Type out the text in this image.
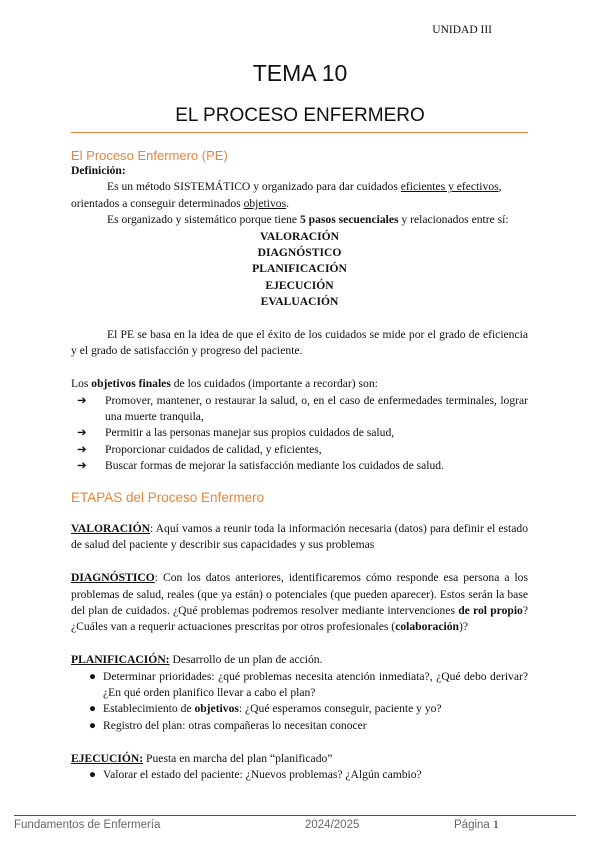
UNIDAD III
TEMA 10
EL PROCESO ENFERMERO
El Proceso Enfermero (PE)

Definición:

Es un método SISTEMÁTICO y organizado para dar cuidados eficientes y efectivos, orientados a conseguir determinados objetivos.

Es organizado y sistemático porque tiene 5 pasos secuenciales y relacionados entre sí:

VALORACIÓN

DIAGNÓSTICO

PLANIFICACIÓN

EJECUCIÓN

EVALUACIÓN

El PE se basa en la idea de que el éxito de los cuidados se mide por el grado de eficiencia y el grado de satisfacción y progreso del paciente.

Los objetivos finales de los cuidados (importante a recordar) son:

➔ Promover, mantener, o restaurar la salud, o, en el caso de enfermedades terminales, lograr una muerte tranquila,
➔ Permitir a las personas manejar sus propios cuidados de salud,
➔ Proporcionar cuidados de calidad, y eficientes,
➔ Buscar formas de mejorar la satisfacción mediante los cuidados de salud.
ETAPAS del Proceso Enfermero

VALORACIÓN: Aquí vamos a reunir toda la información necesaria (datos) para definir el estado de salud del paciente y describir sus capacidades y sus problemas

DIAGNÓSTICO: Con los datos anteriores, identificaremos cómo responde esa persona a los problemas de salud, reales (que ya están) o potenciales (que pueden aparecer). Estos serán la base del plan de cuidados. ¿Qué problemas podremos resolver mediante intervenciones de rol propio? ¿Cuáles van a requerir actuaciones prescritas por otros profesionales (colaboración)?

PLANIFICACIÓN: Desarrollo de un plan de acción.

● Determinar prioridades: ¿qué problemas necesita atención inmediata?, ¿Qué debo derivar? ¿En qué orden planifico llevar a cabo el plan?
● Establecimiento de objetivos: ¿Qué esperamos conseguir, paciente y yo?
● Registro del plan: otras compañeras lo necesitan conocer

EJECUCIÓN: Puesta en marcha del plan “planificado”

● Valorar el estado del paciente: ¿Nuevos problemas? ¿Algún cambio?
Fundamentos de Enfermería	2024/2025	Página 1
